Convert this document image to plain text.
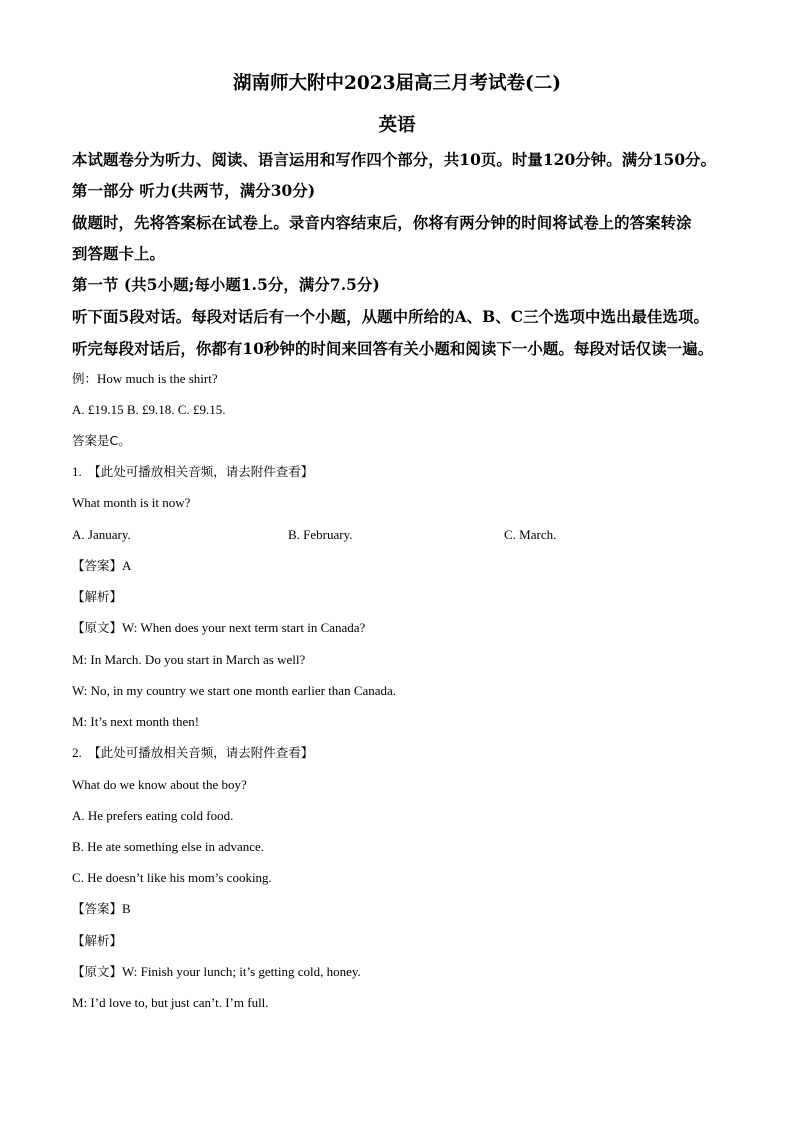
湖南师大附中2023届高三月考试卷(二)
英语
本试题卷分为听力、阅读、语言运用和写作四个部分，共10页。时量120分钟。满分150分。
第一部分 听力(共两节，满分30分)
做题时，先将答案标在试卷上。录音内容结束后，你将有两分钟的时间将试卷上的答案转涂
到答题卡上。
第一节 (共5小题;每小题1.5分，满分7.5分)
听下面5段对话。每段对话后有一个小题，从题中所给的A、B、C三个选项中选出最佳选项。
听完每段对话后，你都有10秒钟的时间来回答有关小题和阅读下一小题。每段对话仅读一遍。
例：How much is the shirt?
A. £19.15 B. £9.18. C. £9.15.
答案是C。
1. 【此处可播放相关音频，请去附件查看】
What month is it now?
A. January.	B. February.	C. March.
【答案】A
【解析】
【原文】W: When does your next term start in Canada?
M: In March. Do you start in March as well?
W: No, in my country we start one month earlier than Canada.
M: It’s next month then!
2. 【此处可播放相关音频，请去附件查看】
What do we know about the boy?
A. He prefers eating cold food.
B. He ate something else in advance.
C. He doesn’t like his mom’s cooking.
【答案】B
【解析】
【原文】W: Finish your lunch; it’s getting cold, honey.
M: I’d love to, but just can’t. I’m full.
